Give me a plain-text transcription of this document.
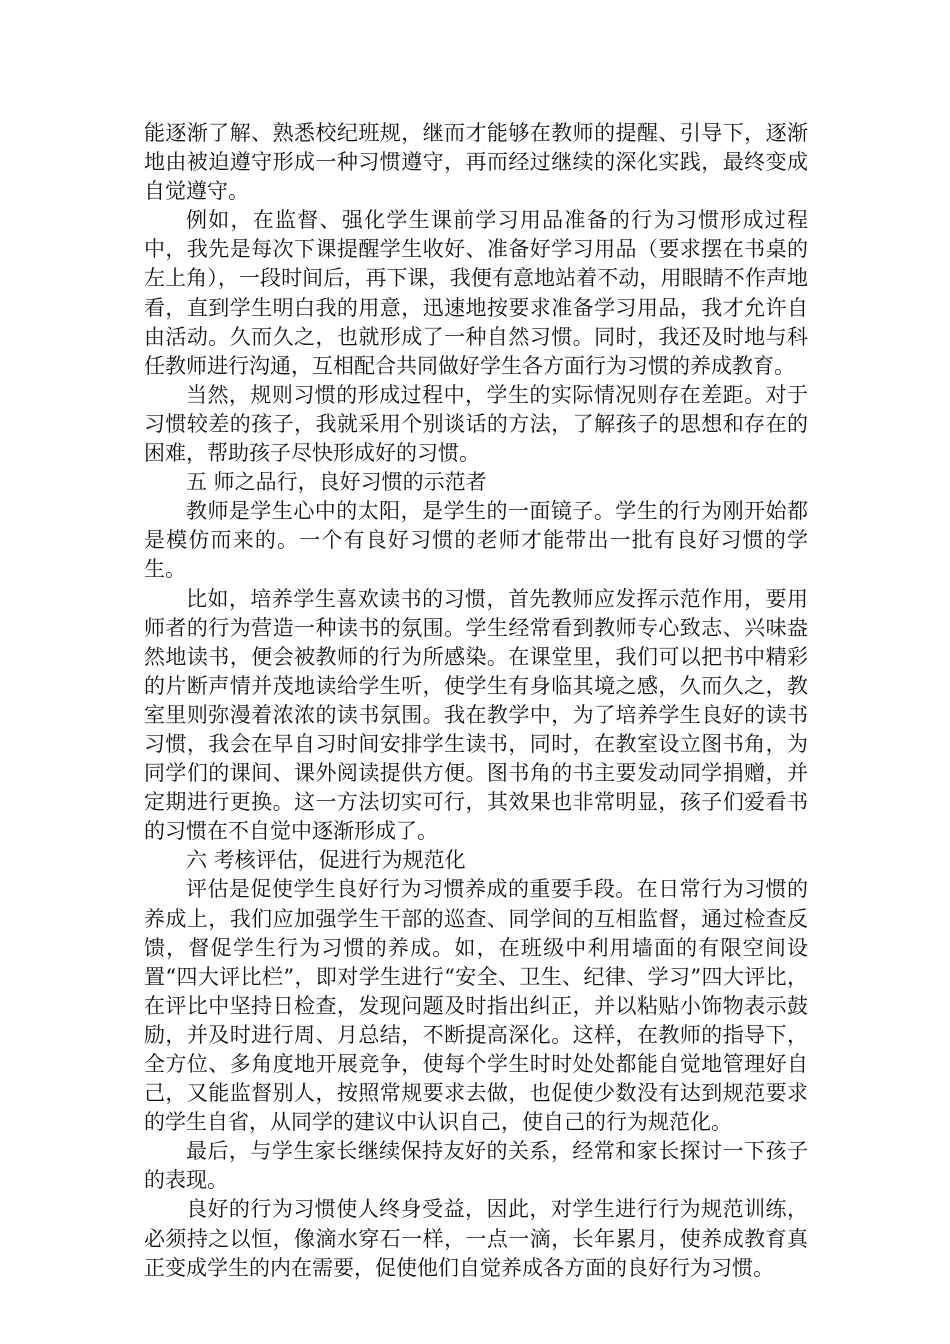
能逐渐了解、熟悉校纪班规，继而才能够在教师的提醒、引导下，逐渐地由被迫遵守形成一种习惯遵守，再而经过继续的深化实践，最终变成自觉遵守。

例如，在监督、强化学生课前学习用品准备的行为习惯形成过程中，我先是每次下课提醒学生收好、准备好学习用品（要求摆在书桌的左上角），一段时间后，再下课，我便有意地站着不动，用眼睛不作声地看，直到学生明白我的用意，迅速地按要求准备学习用品，我才允许自由活动。久而久之，也就形成了一种自然习惯。同时，我还及时地与科任教师进行沟通，互相配合共同做好学生各方面行为习惯的养成教育。

当然，规则习惯的形成过程中，学生的实际情况则存在差距。对于习惯较差的孩子，我就采用个别谈话的方法，了解孩子的思想和存在的困难，帮助孩子尽快形成好的习惯。

五 师之品行，良好习惯的示范者

教师是学生心中的太阳，是学生的一面镜子。学生的行为刚开始都是模仿而来的。一个有良好习惯的老师才能带出一批有良好习惯的学生。

比如，培养学生喜欢读书的习惯，首先教师应发挥示范作用，要用师者的行为营造一种读书的氛围。学生经常看到教师专心致志、兴味盎然地读书，便会被教师的行为所感染。在课堂里，我们可以把书中精彩的片断声情并茂地读给学生听，使学生有身临其境之感，久而久之，教室里则弥漫着浓浓的读书氛围。我在教学中，为了培养学生良好的读书习惯，我会在早自习时间安排学生读书，同时，在教室设立图书角，为同学们的课间、课外阅读提供方便。图书角的书主要发动同学捐赠，并定期进行更换。这一方法切实可行，其效果也非常明显，孩子们爱看书的习惯在不自觉中逐渐形成了。

六 考核评估，促进行为规范化

评估是促使学生良好行为习惯养成的重要手段。在日常行为习惯的养成上，我们应加强学生干部的巡查、同学间的互相监督，通过检查反馈，督促学生行为习惯的养成。如，在班级中利用墙面的有限空间设置“四大评比栏”，即对学生进行“安全、卫生、纪律、学习”四大评比，在评比中坚持日检查，发现问题及时指出纠正，并以粘贴小饰物表示鼓励，并及时进行周、月总结，不断提高深化。这样，在教师的指导下，全方位、多角度地开展竞争，使每个学生时时处处都能自觉地管理好自己，又能监督别人，按照常规要求去做，也促使少数没有达到规范要求的学生自省，从同学的建议中认识自己，使自己的行为规范化。

最后，与学生家长继续保持友好的关系，经常和家长探讨一下孩子的表现。

良好的行为习惯使人终身受益，因此，对学生进行行为规范训练，必须持之以恒，像滴水穿石一样，一点一滴，长年累月，使养成教育真正变成学生的内在需要，促使他们自觉养成各方面的良好行为习惯。
